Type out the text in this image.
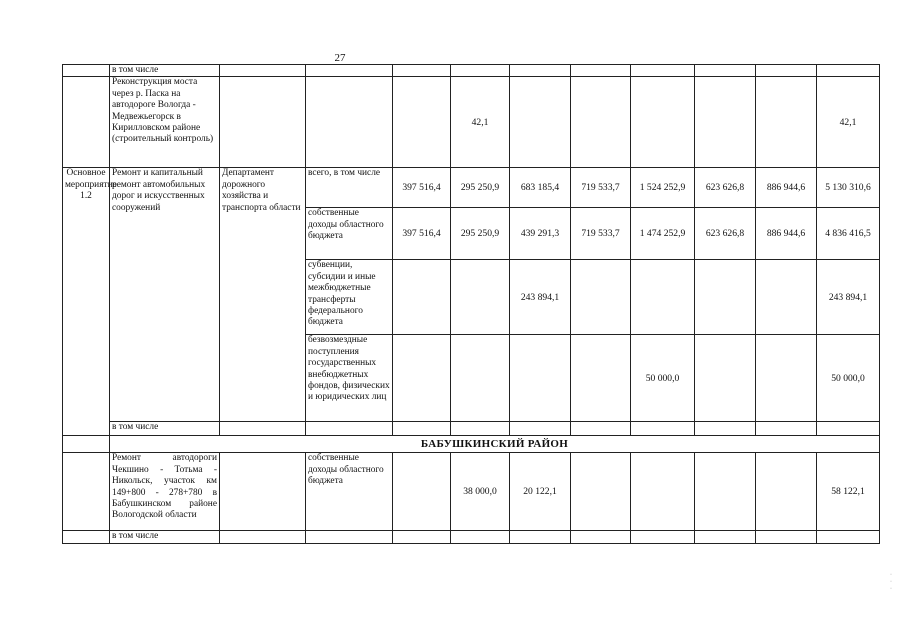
27
	в том числе										
	Реконструкция моста через р. Паска на автодороге Вологда - Медвежьегорск в Кирилловском районе (строительный контроль)				42,1						42,1
Основное мероприятие 1.2	Ремонт и капитальный ремонт автомобильных дорог и искусственных сооружений	Департамент дорожного хозяйства и транспорта области	всего, в том числе	397 516,4	295 250,9	683 185,4	719 533,7	1 524 252,9	623 626,8	886 944,6	5 130 310,6
			собственные доходы областного бюджета	397 516,4	295 250,9	439 291,3	719 533,7	1 474 252,9	623 626,8	886 944,6	4 836 416,5
			субвенции, субсидии и иные межбюджетные трансферты федерального бюджета			243 894,1					243 894,1
			безвозмездные поступления государственных внебюджетных фондов, физических и юридических лиц					50 000,0			50 000,0
	в том числе										
	БАБУШКИНСКИЙ РАЙОН										
	Ремонт автодороги Чекшино - Тотьма - Никольск, участок км 149+800 - 278+780 в Бабушкинском районе Вологодской области		собственные доходы областного бюджета		38 000,0	20 122,1					58 122,1
	в том числе										
·
·
·
